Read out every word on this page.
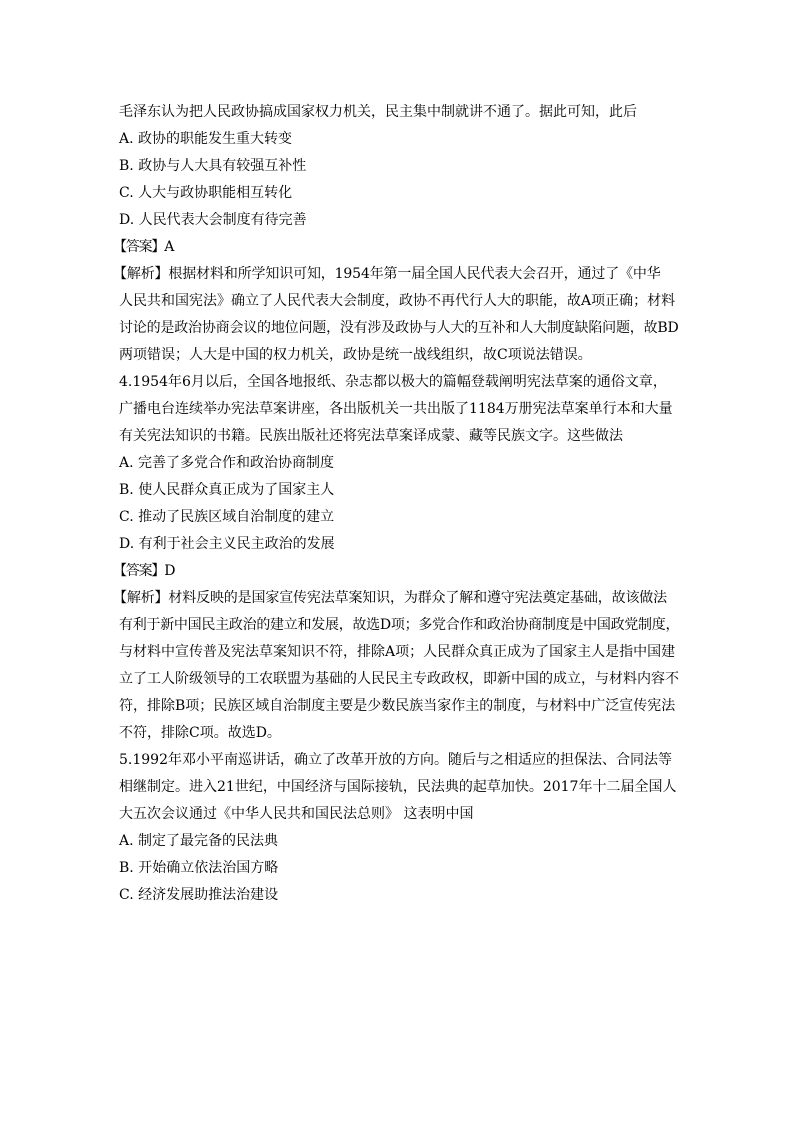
毛泽东认为把人民政协搞成国家权力机关，民主集中制就讲不通了。据此可知，此后

A. 政协的职能发生重大转变

B. 政协与人大具有较强互补性

C. 人大与政协职能相互转化

D. 人民代表大会制度有待完善

【答案】A

【解析】根据材料和所学知识可知，1954年第一届全国人民代表大会召开，通过了《中华

人民共和国宪法》确立了人民代表大会制度，政协不再代行人大的职能，故A项正确；材料

讨论的是政治协商会议的地位问题，没有涉及政协与人大的互补和人大制度缺陷问题，故BD

两项错误；人大是中国的权力机关，政协是统一战线组织，故C项说法错误。

4.1954年6月以后，全国各地报纸、杂志都以极大的篇幅登载阐明宪法草案的通俗文章，

广播电台连续举办宪法草案讲座，各出版机关一共出版了1184万册宪法草案单行本和大量

有关宪法知识的书籍。民族出版社还将宪法草案译成蒙、藏等民族文字。这些做法

A. 完善了多党合作和政治协商制度

B. 使人民群众真正成为了国家主人

C. 推动了民族区域自治制度的建立

D. 有利于社会主义民主政治的发展

【答案】D

【解析】材料反映的是国家宣传宪法草案知识，为群众了解和遵守宪法奠定基础，故该做法

有利于新中国民主政治的建立和发展，故选D项；多党合作和政治协商制度是中国政党制度，

与材料中宣传普及宪法草案知识不符，排除A项；人民群众真正成为了国家主人是指中国建

立了工人阶级领导的工农联盟为基础的人民民主专政政权，即新中国的成立，与材料内容不

符，排除B项；民族区域自治制度主要是少数民族当家作主的制度，与材料中广泛宣传宪法

不符，排除C项。故选D。

5.1992年邓小平南巡讲话，确立了改革开放的方向。随后与之相适应的担保法、合同法等

相继制定。进入21世纪，中国经济与国际接轨，民法典的起草加快。2017年十二届全国人

大五次会议通过《中华人民共和国民法总则》 这表明中国

A. 制定了最完备的民法典

B. 开始确立依法治国方略

C. 经济发展助推法治建设
